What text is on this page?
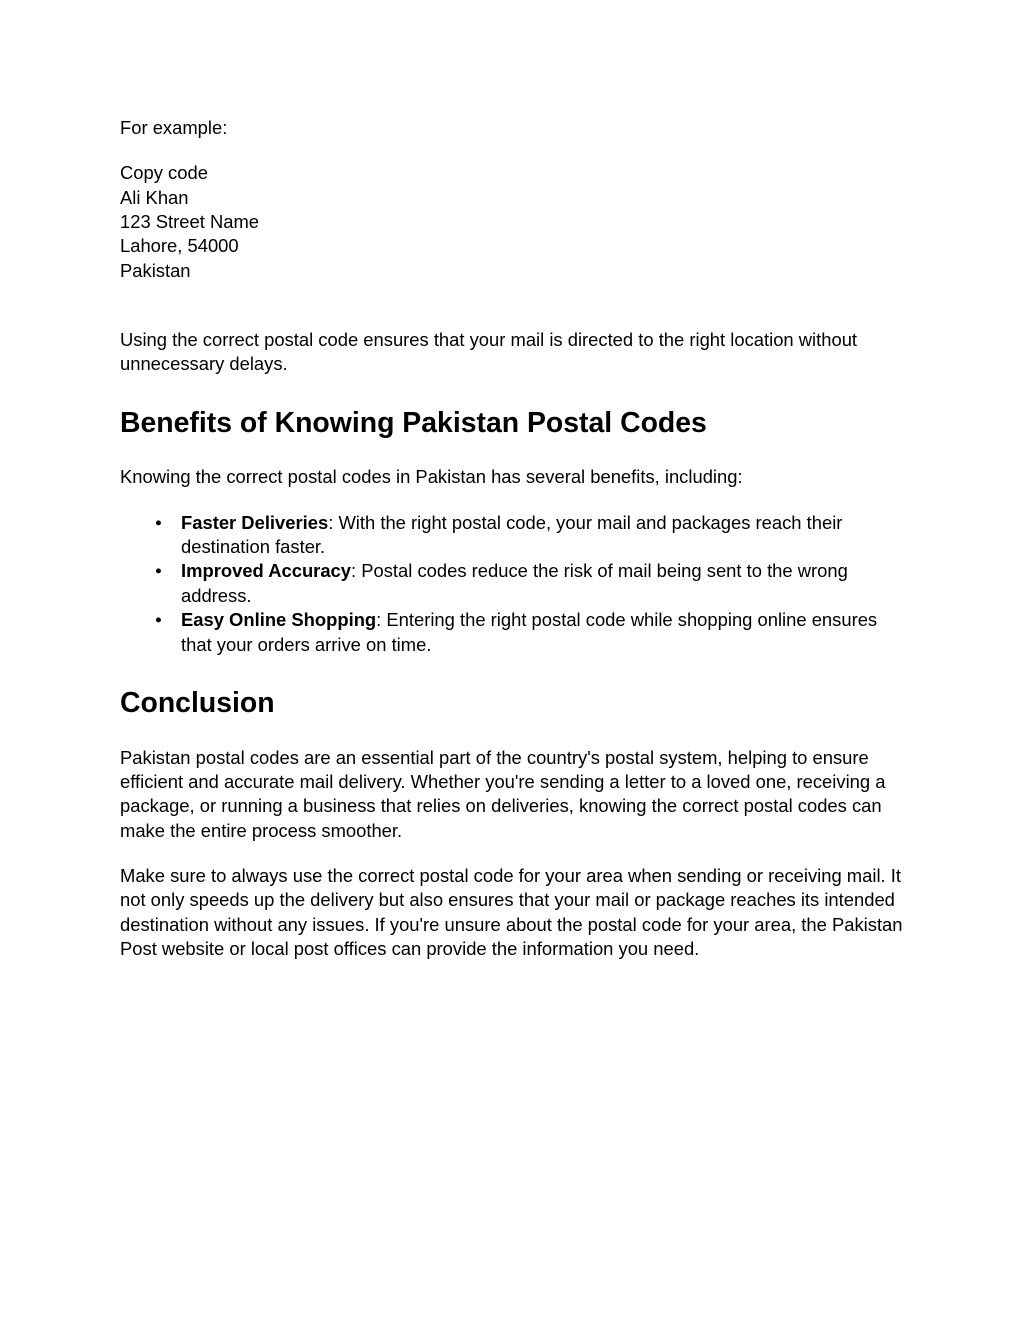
For example:

Copy code
Ali Khan
123 Street Name
Lahore, 54000
Pakistan

Using the correct postal code ensures that your mail is directed to the right location without unnecessary delays.

Benefits of Knowing Pakistan Postal Codes

Knowing the correct postal codes in Pakistan has several benefits, including:

● Faster Deliveries: With the right postal code, your mail and packages reach their destination faster.
● Improved Accuracy: Postal codes reduce the risk of mail being sent to the wrong address.
● Easy Online Shopping: Entering the right postal code while shopping online ensures that your orders arrive on time.
Conclusion

Pakistan postal codes are an essential part of the country's postal system, helping to ensure efficient and accurate mail delivery. Whether you're sending a letter to a loved one, receiving a package, or running a business that relies on deliveries, knowing the correct postal codes can make the entire process smoother.

Make sure to always use the correct postal code for your area when sending or receiving mail. It not only speeds up the delivery but also ensures that your mail or package reaches its intended destination without any issues. If you're unsure about the postal code for your area, the Pakistan Post website or local post offices can provide the information you need.
